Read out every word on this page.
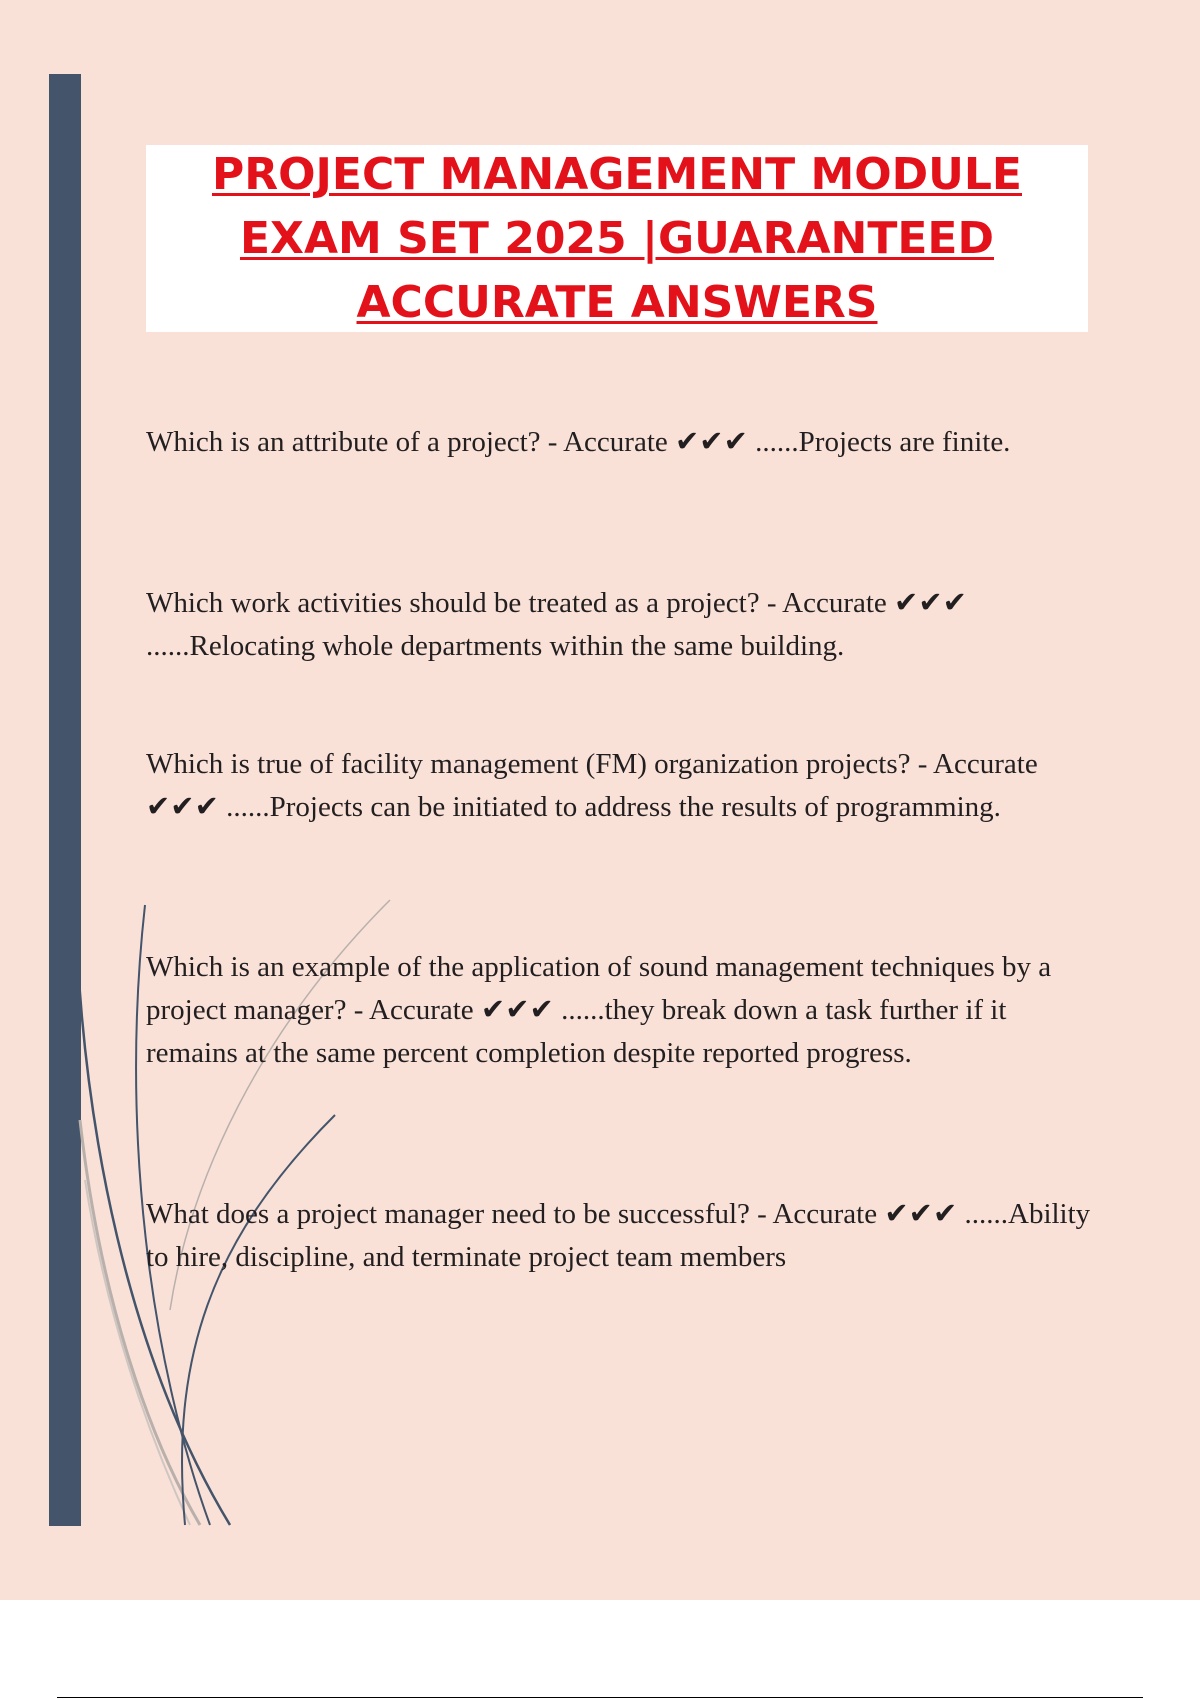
PROJECT MANAGEMENT MODULE EXAM SET 2025 |GUARANTEED ACCURATE ANSWERS

Which is an attribute of a project? - Accurate ✔✔✔ ......Projects are finite.

Which work activities should be treated as a project? - Accurate ✔✔✔ ......Relocating whole departments within the same building.

Which is true of facility management (FM) organization projects? - Accurate ✔✔✔ ......Projects can be initiated to address the results of programming.

Which is an example of the application of sound management techniques by a project manager? - Accurate ✔✔✔ ......they break down a task further if it remains at the same percent completion despite reported progress.

What does a project manager need to be successful? - Accurate ✔✔✔ ......Ability to hire, discipline, and terminate project team members
